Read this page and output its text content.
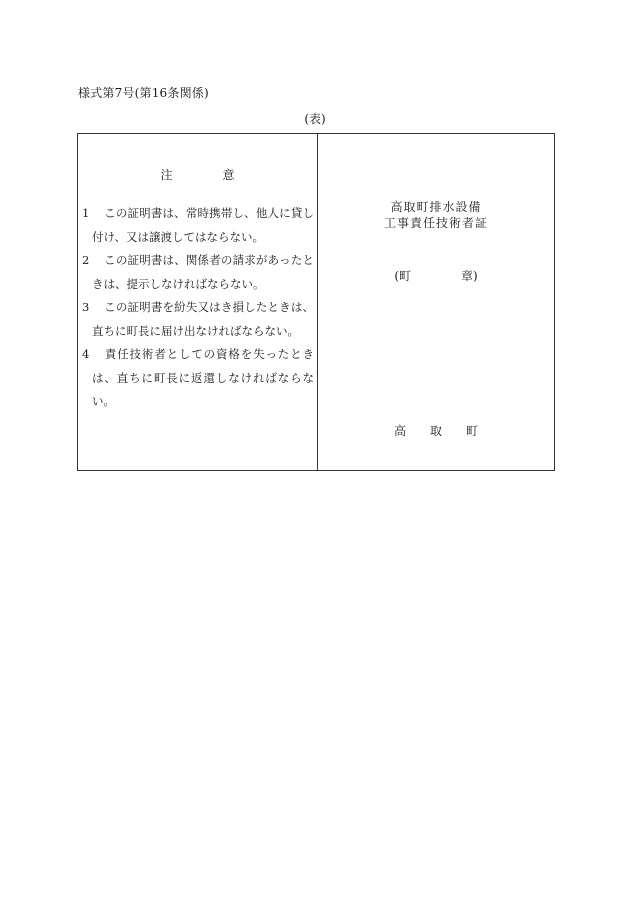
様式第7号(第16条関係)
(表)
注	意
1 この証明書は、常時携帯し、他人に貸し付け、又は譲渡してはならない。
2 この証明書は、関係者の請求があったときは、提示しなければならない。
3 この証明書を紛失又はき損したときは、直ちに町長に届け出なければならない。
4 責任技術者としての資格を失ったときは、直ちに町長に返還しなければならない。
高取町排水設備
工事責任技術者証
(町	章)
高 取 町
